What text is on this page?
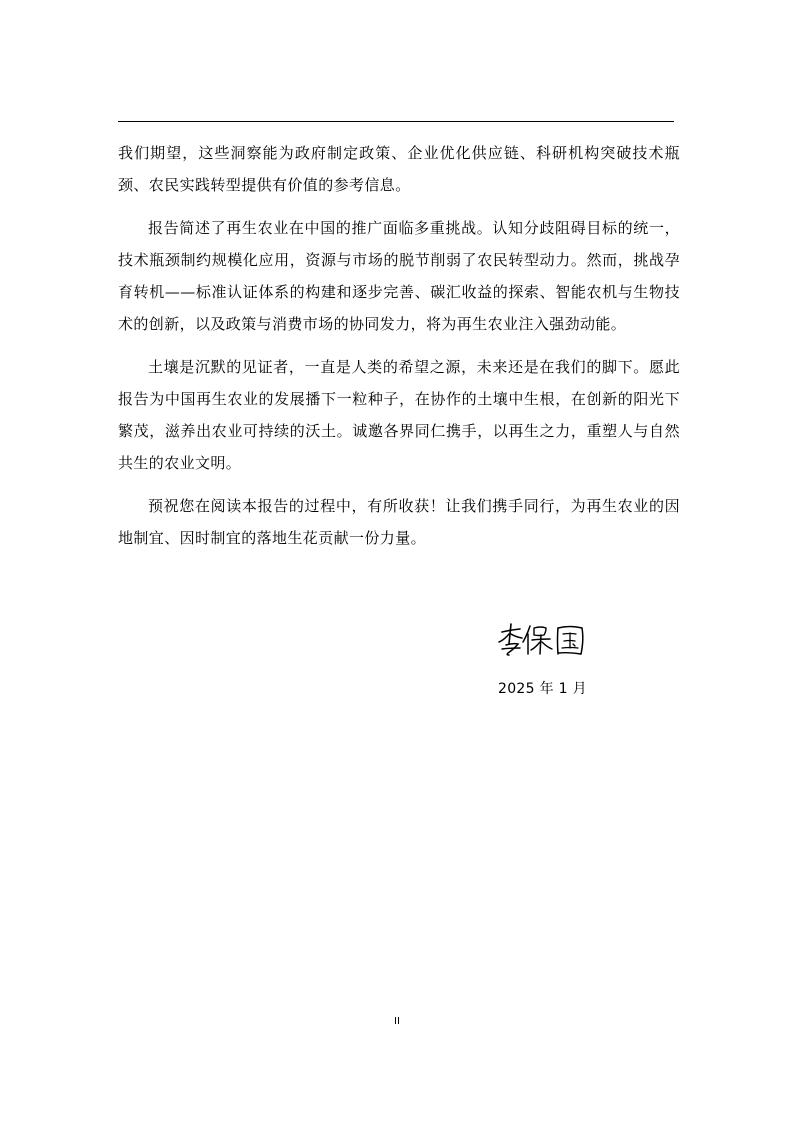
我们期望，这些洞察能为政府制定政策、企业优化供应链、科研机构突破技术瓶颈、农民实践转型提供有价值的参考信息。

报告简述了再生农业在中国的推广面临多重挑战。认知分歧阻碍目标的统一，技术瓶颈制约规模化应用，资源与市场的脱节削弱了农民转型动力。然而，挑战孕育转机——标准认证体系的构建和逐步完善、碳汇收益的探索、智能农机与生物技术的创新，以及政策与消费市场的协同发力，将为再生农业注入强劲动能。

土壤是沉默的见证者，一直是人类的希望之源，未来还是在我们的脚下。愿此报告为中国再生农业的发展播下一粒种子，在协作的土壤中生根，在创新的阳光下繁茂，滋养出农业可持续的沃土。诚邀各界同仁携手，以再生之力，重塑人与自然共生的农业文明。

预祝您在阅读本报告的过程中，有所收获！让我们携手同行，为再生农业的因地制宜、因时制宜的落地生花贡献一份力量。

2025 年 1 月
II
